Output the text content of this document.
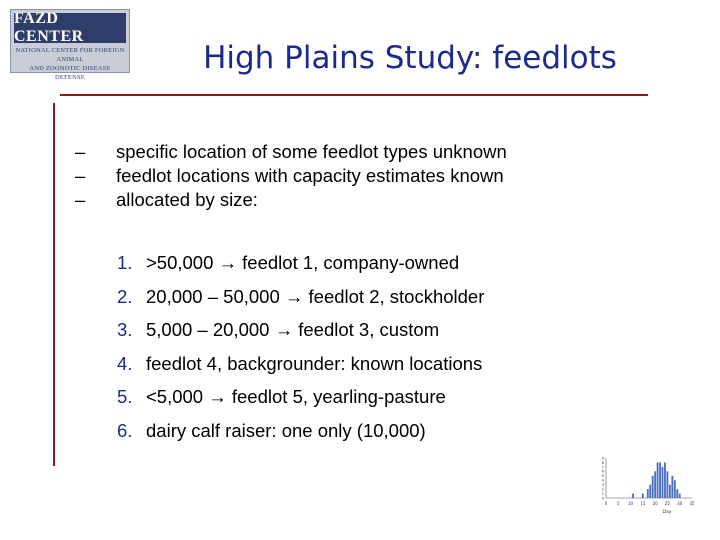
FAZD CENTER
NATIONAL CENTER FOR FOREIGN ANIMAL
AND ZOONOTIC DISEASE DEFENSE
High Plains Study: feedlots
–	specific location of some feedlot types unknown
–	feedlot locations with capacity estimates known
–	allocated by size:
1. >50,000 → feedlot 1, company-owned
2. 20,000 – 50,000 → feedlot 2, stockholder
3. 5,000 – 20,000 → feedlot 3, custom
4. feedlot 4, backgrounder: known locations
5. <5,000 → feedlot 5, yearling-pasture
6. dairy calf raiser: one only (10,000)
0 5 10 15 20 25 30 35
0
1
2
3
4
5
6
7
8
9
Day
